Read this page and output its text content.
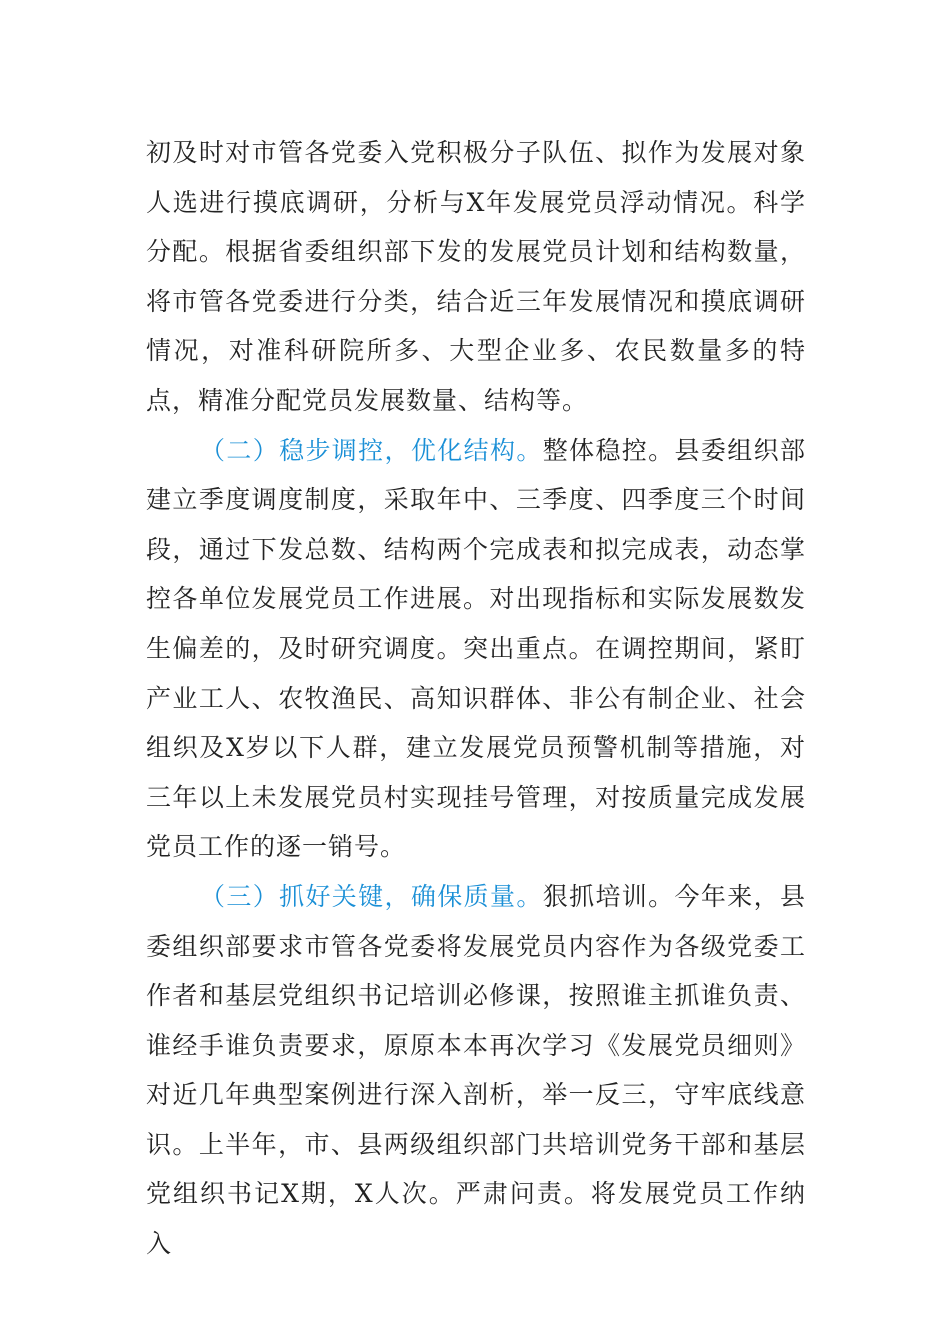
初及时对市管各党委入党积极分子队伍、拟作为发展对象人选进行摸底调研，分析与X年发展党员浮动情况。科学分配。根据省委组织部下发的发展党员计划和结构数量，将市管各党委进行分类，结合近三年发展情况和摸底调研情况，对准科研院所多、大型企业多、农民数量多的特点，精准分配党员发展数量、结构等。

（二）稳步调控，优化结构。整体稳控。县委组织部建立季度调度制度，采取年中、三季度、四季度三个时间段，通过下发总数、结构两个完成表和拟完成表，动态掌控各单位发展党员工作进展。对出现指标和实际发展数发生偏差的，及时研究调度。突出重点。在调控期间，紧盯产业工人、农牧渔民、高知识群体、非公有制企业、社会组织及X岁以下人群，建立发展党员预警机制等措施，对三年以上未发展党员村实现挂号管理，对按质量完成发展党员工作的逐一销号。

（三）抓好关键，确保质量。狠抓培训。今年来，县委组织部要求市管各党委将发展党员内容作为各级党委工作者和基层党组织书记培训必修课，按照谁主抓谁负责、谁经手谁负责要求，原原本本再次学习《发展党员细则》对近几年典型案例进行深入剖析，举一反三，守牢底线意识。上半年，市、县两级组织部门共培训党务干部和基层党组织书记X期，X人次。严肃问责。将发展党员工作纳入
